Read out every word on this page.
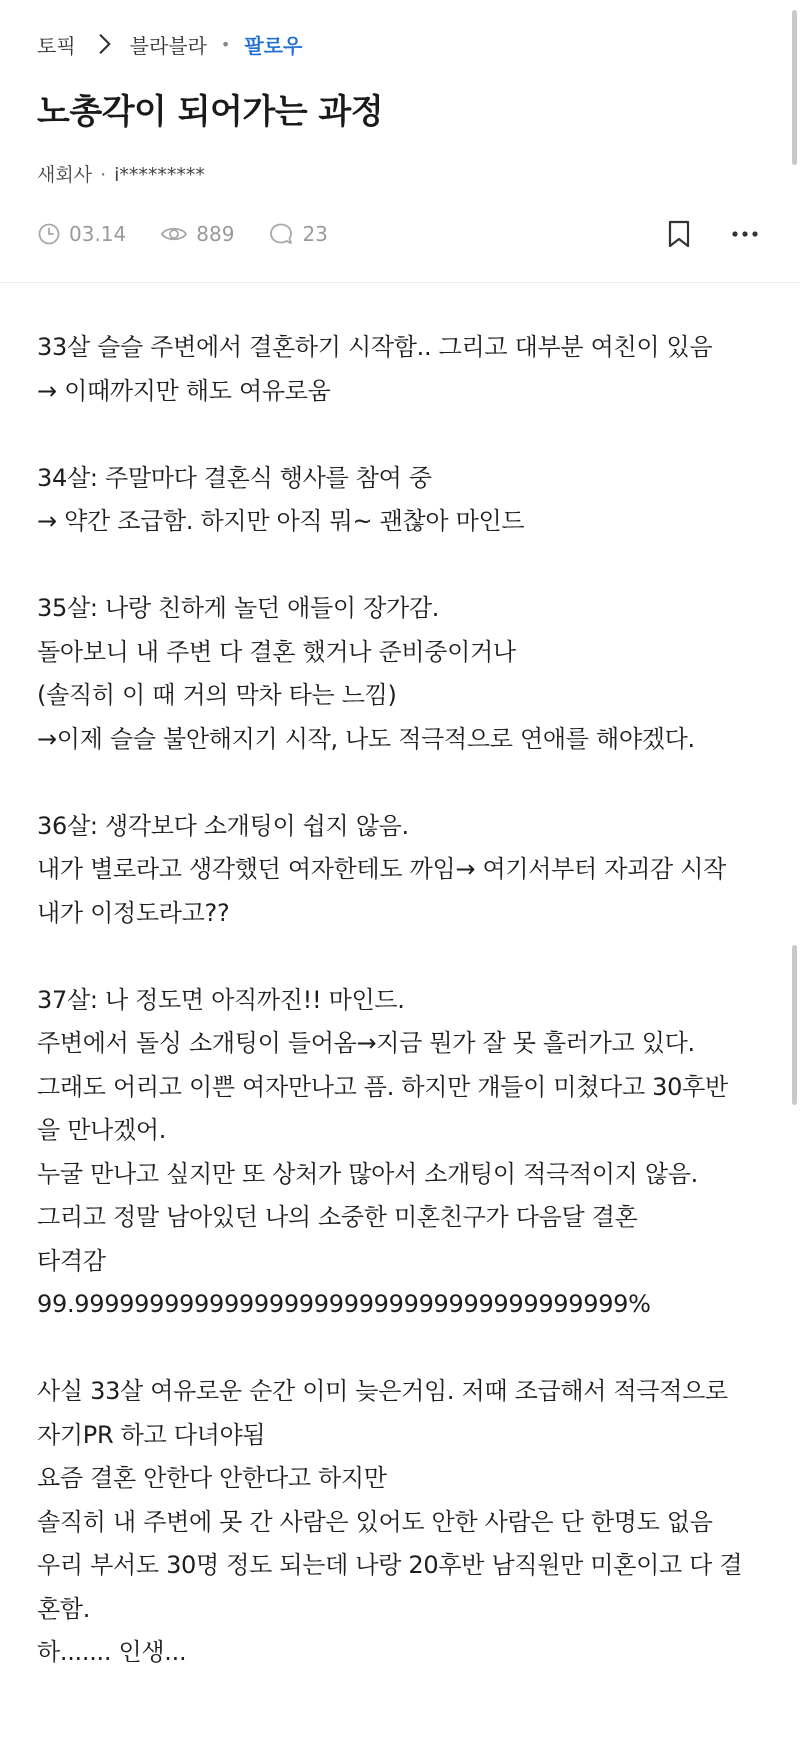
토픽	블라블라 • 팔로우
노총각이 되어가는 과정
새회사 · i*********
03.14	889	23
33살 슬슬 주변에서 결혼하기 시작함.. 그리고 대부분 여친이 있음
→ 이때까지만 해도 여유로움
34살: 주말마다 결혼식 행사를 참여 중
→ 약간 조급함. 하지만 아직 뭐~ 괜찮아 마인드
35살: 나랑 친하게 놀던 애들이 장가감.
돌아보니 내 주변 다 결혼 했거나 준비중이거나
(솔직히 이 때 거의 막차 타는 느낌)
→이제 슬슬 불안해지기 시작, 나도 적극적으로 연애를 해야겠다.
36살: 생각보다 소개팅이 쉽지 않음.
내가 별로라고 생각했던 여자한테도 까임→ 여기서부터 자괴감 시작
내가 이정도라고??
37살: 나 정도면 아직까진!! 마인드.
주변에서 돌싱 소개팅이 들어옴→지금 뭔가 잘 못 흘러가고 있다.
그래도 어리고 이쁜 여자만나고 픔. 하지만 걔들이 미쳤다고 30후반
을 만나겠어.
누굴 만나고 싶지만 또 상처가 많아서 소개팅이 적극적이지 않음.
그리고 정말 남아있던 나의 소중한 미혼친구가 다음달 결혼
타격감
99.9999999999999999999999999999999999999%
사실 33살 여유로운 순간 이미 늦은거임. 저때 조급해서 적극적으로
자기PR 하고 다녀야됨
요즘 결혼 안한다 안한다고 하지만
솔직히 내 주변에 못 간 사람은 있어도 안한 사람은 단 한명도 없음
우리 부서도 30명 정도 되는데 나랑 20후반 남직원만 미혼이고 다 결
혼함.
하....... 인생...
